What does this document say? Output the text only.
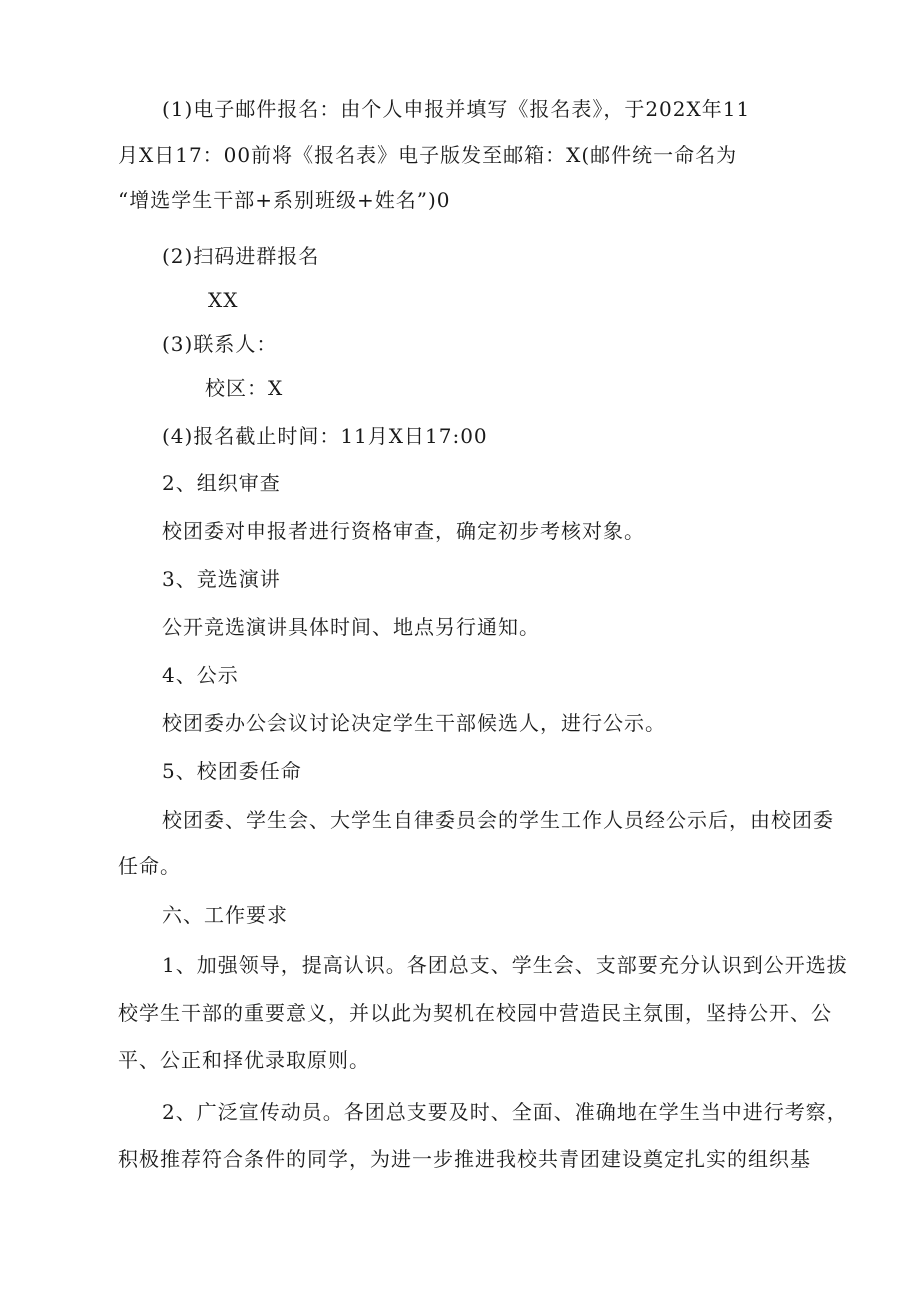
(1)电子邮件报名：由个人申报并填写《报名表》，于202X年11
月X日17：00前将《报名表》电子版发至邮箱：X(邮件统一命名为
“增选学生干部+系别班级+姓名”)0
(2)扫码进群报名
XX
(3)联系人：
校区：X
(4)报名截止时间：11月X日17:00
2、组织审查
校团委对申报者进行资格审查，确定初步考核对象。
3、竞选演讲
公开竞选演讲具体时间、地点另行通知。
4、公示
校团委办公会议讨论决定学生干部候选人，进行公示。
5、校团委任命
校团委、学生会、大学生自律委员会的学生工作人员经公示后，由校团委
任命。
六、工作要求
1、加强领导，提高认识。各团总支、学生会、支部要充分认识到公开选拔
校学生干部的重要意义，并以此为契机在校园中营造民主氛围，坚持公开、公
平、公正和择优录取原则。
2、广泛宣传动员。各团总支要及时、全面、准确地在学生当中进行考察，
积极推荐符合条件的同学，为进一步推进我校共青团建设奠定扎实的组织基
